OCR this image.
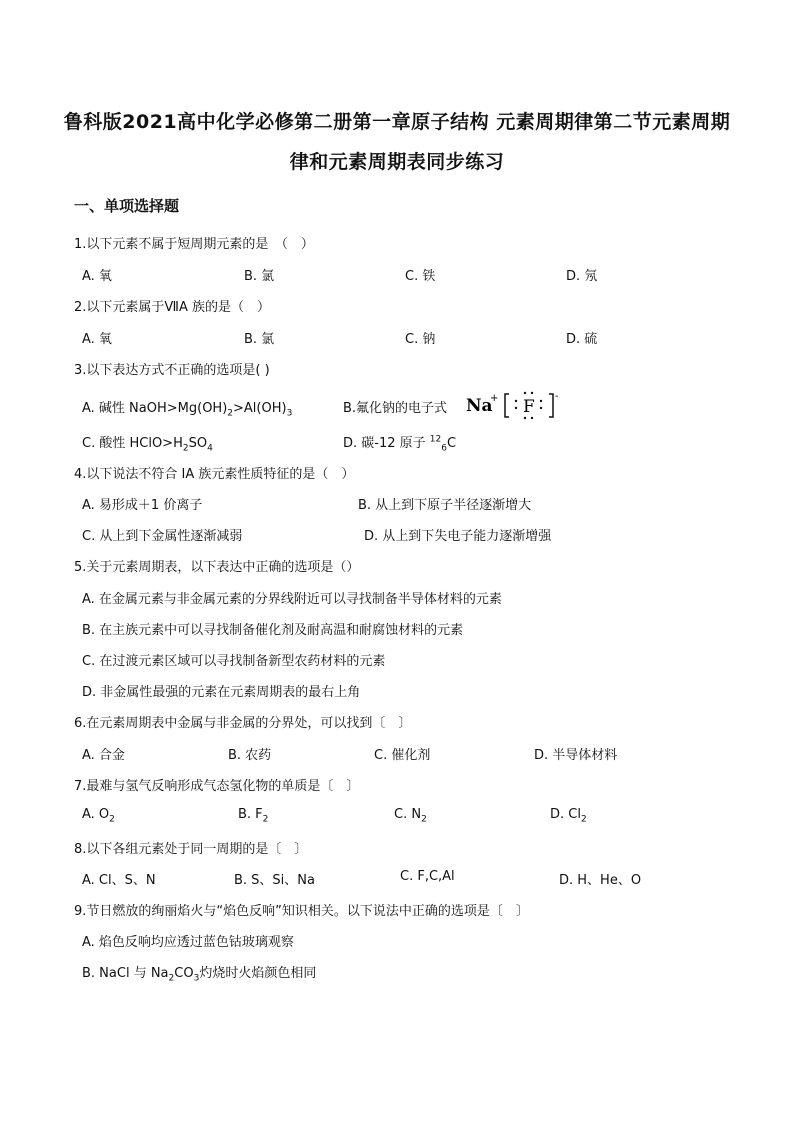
鲁科版2021高中化学必修第二册第一章原子结构 元素周期律第二节元素周期
律和元素周期表同步练习
一、单项选择题
1.以下元素不属于短周期元素的是　（　）
A. 氧	B. 氯	C. 铁	D. 氖
2.以下元素属于ⅦA 族的是（　）
A. 氧	B. 氯	C. 钠	D. 硫
3.以下表达方式不正确的选项是( )
A. 碱性 $NaOH>Mg(OH)_2>Al(OH)_3$	B.氟化钠的电子式 Na
+ F
-
C. 酸性 $HClO>H_2SO_4$	D. 碳-12 原子 $^{12}_6$C
4.以下说法不符合 IA 族元素性质特征的是（　）
A. 易形成＋1 价离子	B. 从上到下原子半径逐渐增大
C. 从上到下金属性逐渐减弱	D. 从上到下失电子能力逐渐增强
5.关于元素周期表，以下表达中正确的选项是（）
A. 在金属元素与非金属元素的分界线附近可以寻找制备半导体材料的元素
B. 在主族元素中可以寻找制备催化剂及耐高温和耐腐蚀材料的元素
C. 在过渡元素区域可以寻找制备新型农药材料的元素
D. 非金属性最强的元素在元素周期表的最右上角
6.在元素周期表中金属与非金属的分界处，可以找到〔　〕
A. 合金	B. 农药	C. 催化剂	D. 半导体材料
7.最难与氢气反响形成气态氢化物的单质是〔　〕
A. $O_2$	B. $F_2$	C. $N_2$	D. $Cl_2$
8.以下各组元素处于同一周期的是〔　〕
A. Cl、S、N	B. S、Si、Na	C. F,C,Al	D. H、He、O
9.节日燃放的绚丽焰火与“焰色反响”知识相关。以下说法中正确的选项是〔　〕
A. 焰色反响均应透过蓝色钴玻璃观察
B. NaCl 与 $Na_2CO_3$灼烧时火焰颜色相同
